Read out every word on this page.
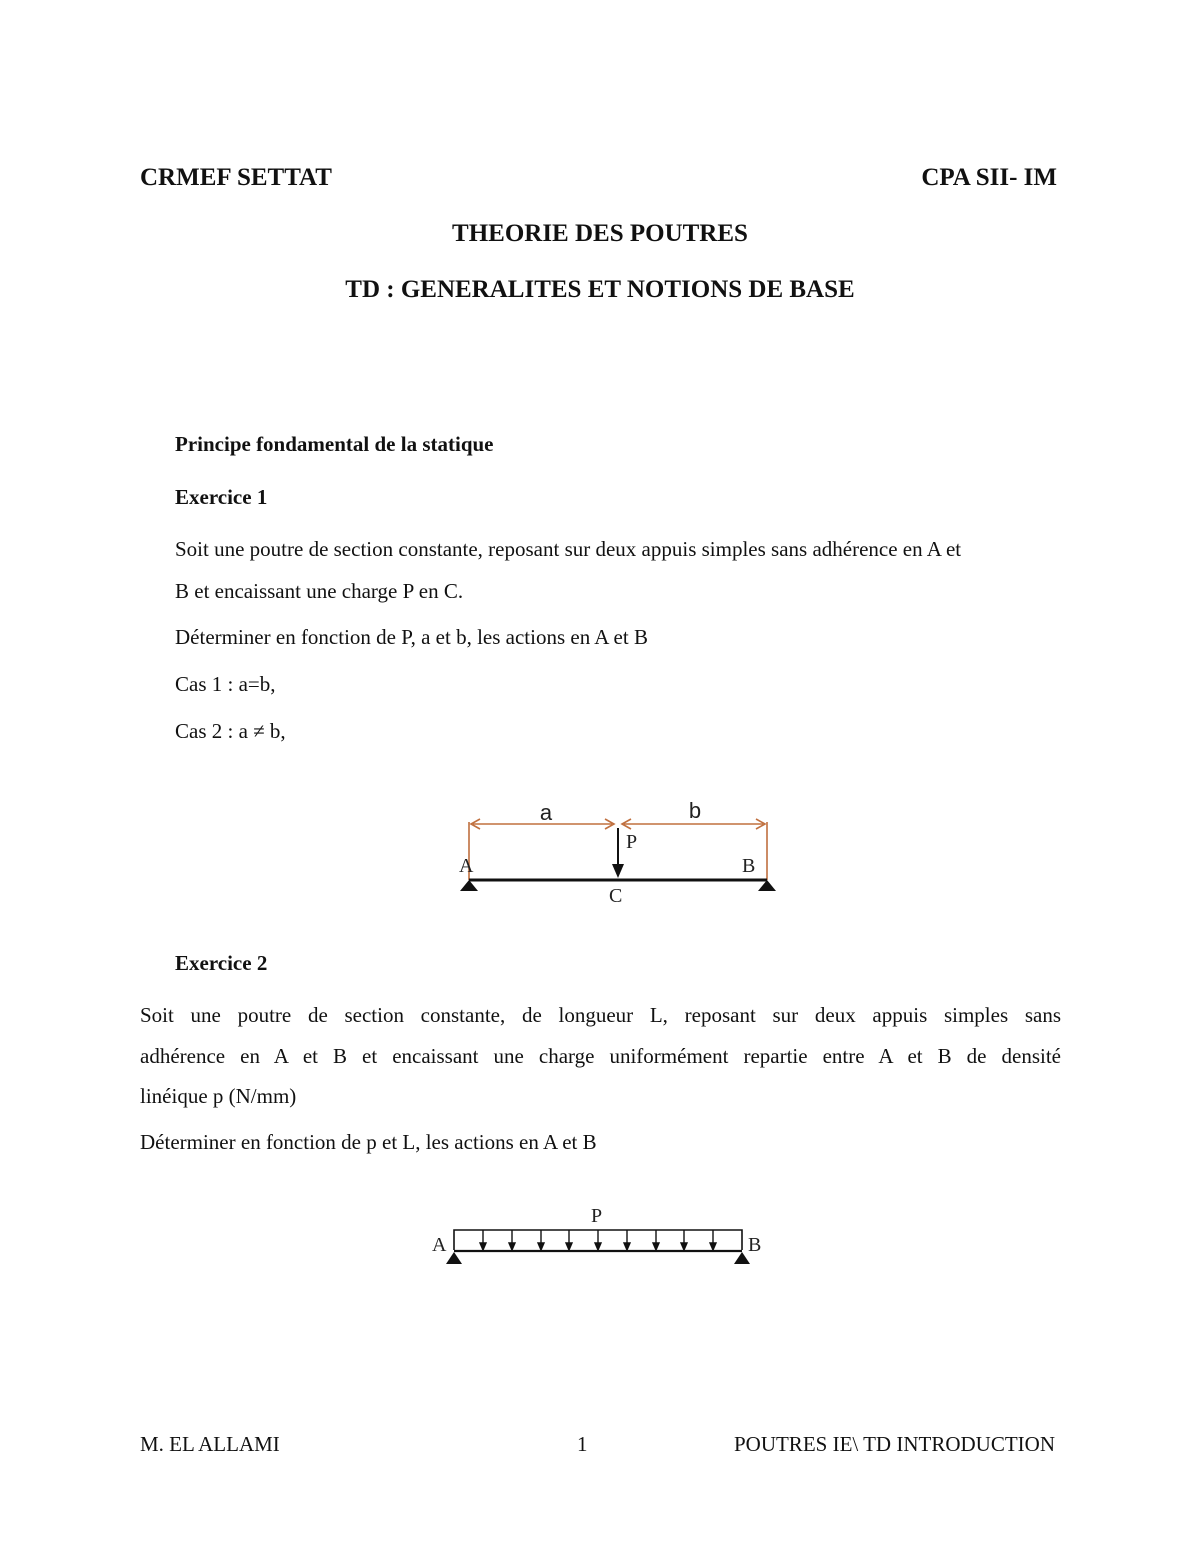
CRMEF SETTAT	CPA SII- IM
THEORIE DES POUTRES
TD : GENERALITES ET NOTIONS DE BASE
Principe fondamental de la statique
Exercice 1
Soit une poutre de section constante, reposant sur deux appuis simples sans adhérence en A et
B et encaissant une charge P en C.
Déterminer en fonction de P, a et b, les actions en A et B
Cas 1 : a=b,
Cas 2 : a ≠ b,
a	b
P
A	B
C
Exercice 2
Soit une poutre de section constante, de longueur L, reposant sur deux appuis simples sans
adhérence en A et B et encaissant une charge uniformément repartie entre A et B de densité
linéique p (N/mm)
Déterminer en fonction de p et L, les actions en A et B
P
A	B
M. EL ALLAMI	1	POUTRES IE\ TD INTRODUCTION
